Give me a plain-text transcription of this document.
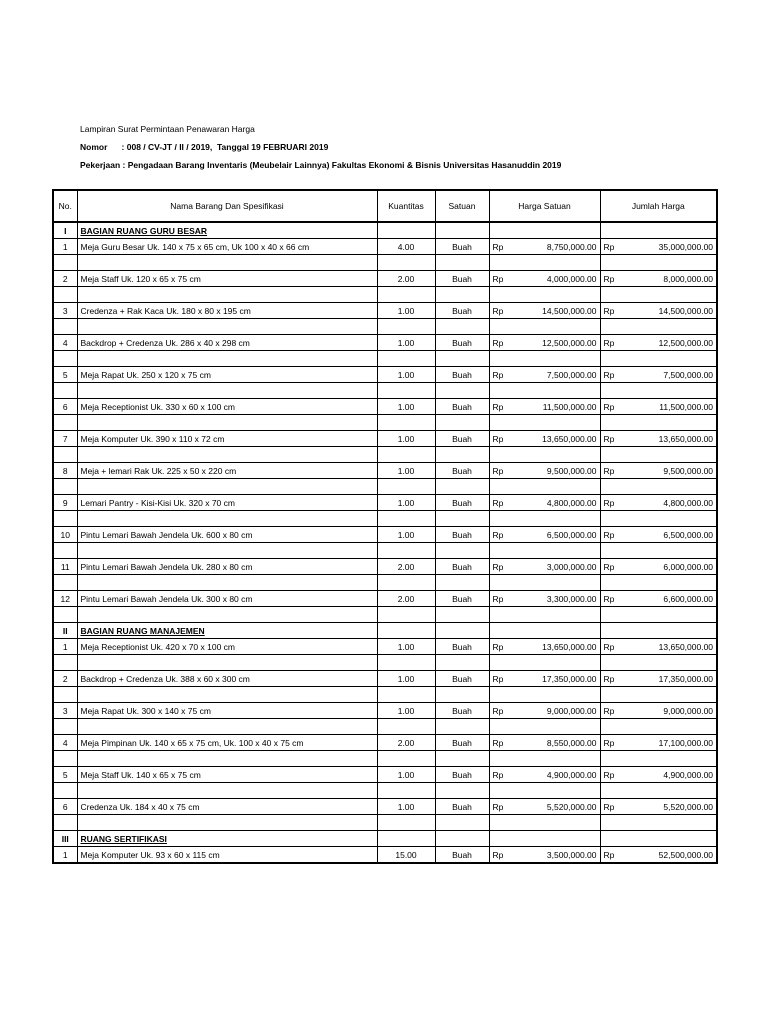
Lampiran Surat Permintaan Penawaran Harga
Nomor      : 008 / CV-JT / II / 2019,  Tanggal 19 FEBRUARI 2019
Pekerjaan : Pengadaan Barang Inventaris (Meubelair Lainnya) Fakultas Ekonomi & Bisnis Universitas Hasanuddin 2019
No.	Nama Barang Dan Spesifikasi	Kuantitas	Satuan	Harga Satuan		Jumlah Harga	
I	BAGIAN RUANG GURU BESAR						
1	Meja Guru Besar Uk. 140 x 75 x 65 cm, Uk 100 x 40 x 66 cm	4.00	Buah	Rp	8,750,000.00	Rp	35,000,000.00

2	Meja Staff Uk. 120 x 65 x 75 cm	2.00	Buah	Rp	4,000,000.00	Rp	8,000,000.00

3	Credenza + Rak Kaca Uk. 180 x 80 x 195 cm	1.00	Buah	Rp	14,500,000.00	Rp	14,500,000.00

4	Backdrop + Credenza Uk. 286 x 40 x 298 cm	1.00	Buah	Rp	12,500,000.00	Rp	12,500,000.00

5	Meja Rapat Uk. 250 x 120 x 75 cm	1.00	Buah	Rp	7,500,000.00	Rp	7,500,000.00

6	Meja Receptionist Uk. 330 x 60 x 100 cm	1.00	Buah	Rp	11,500,000.00	Rp	11,500,000.00

7	Meja Komputer Uk. 390 x 110 x 72 cm	1.00	Buah	Rp	13,650,000.00	Rp	13,650,000.00

8	Meja + lemari Rak Uk. 225 x 50 x 220 cm	1.00	Buah	Rp	9,500,000.00	Rp	9,500,000.00

9	Lemari Pantry - Kisi-Kisi Uk. 320 x 70 cm	1.00	Buah	Rp	4,800,000.00	Rp	4,800,000.00

10	Pintu Lemari Bawah Jendela Uk. 600 x 80 cm	1.00	Buah	Rp	6,500,000.00	Rp	6,500,000.00

11	Pintu Lemari Bawah Jendela Uk. 280 x 80 cm	2.00	Buah	Rp	3,000,000.00	Rp	6,000,000.00

12	Pintu Lemari Bawah Jendela Uk. 300 x 80 cm	2.00	Buah	Rp	3,300,000.00	Rp	6,600,000.00

II	BAGIAN RUANG MANAJEMEN						
1	Meja Receptionist Uk. 420 x 70 x 100 cm	1.00	Buah	Rp	13,650,000.00	Rp	13,650,000.00

2	Backdrop + Credenza Uk. 388 x 60 x 300 cm	1.00	Buah	Rp	17,350,000.00	Rp	17,350,000.00

3	Meja Rapat Uk. 300 x 140 x 75 cm	1.00	Buah	Rp	9,000,000.00	Rp	9,000,000.00

4	Meja Pimpinan Uk. 140 x 65 x 75 cm, Uk. 100 x 40 x 75 cm	2.00	Buah	Rp	8,550,000.00	Rp	17,100,000.00

5	Meja Staff Uk. 140 x 65 x 75 cm	1.00	Buah	Rp	4,900,000.00	Rp	4,900,000.00

6	Credenza Uk. 184 x 40 x 75 cm	1.00	Buah	Rp	5,520,000.00	Rp	5,520,000.00

III	RUANG SERTIFIKASI						
1	Meja Komputer Uk. 93 x 60 x 115 cm	15.00	Buah	Rp	3,500,000.00	Rp	52,500,000.00
